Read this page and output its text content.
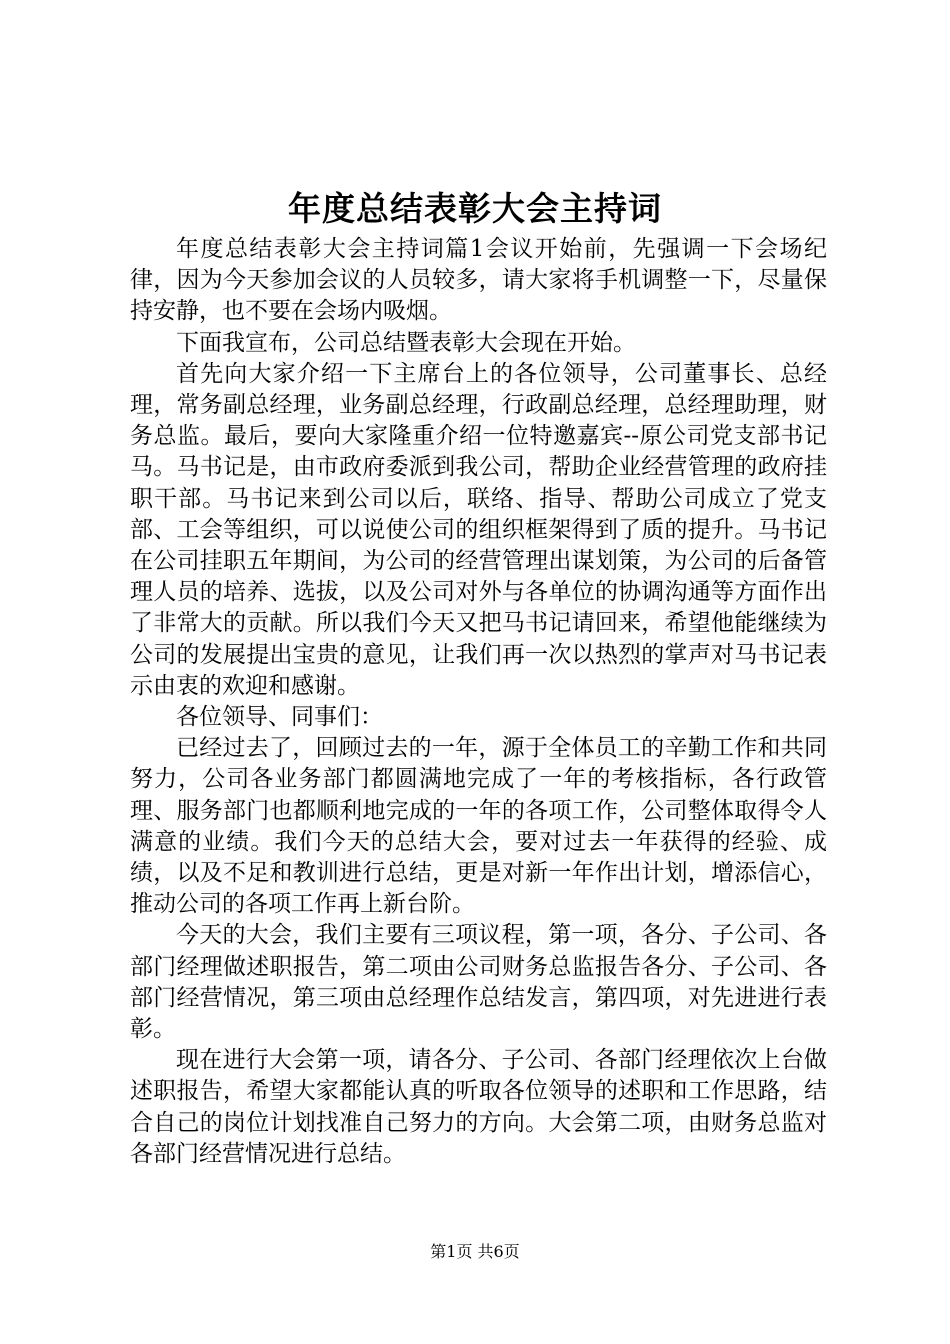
年度总结表彰大会主持词

年度总结表彰大会主持词篇1会议开始前，先强调一下会场纪律，因为今天参加会议的人员较多，请大家将手机调整一下，尽量保持安静，也不要在会场内吸烟。

下面我宣布，公司总结暨表彰大会现在开始。

首先向大家介绍一下主席台上的各位领导，公司董事长、总经理，常务副总经理，业务副总经理，行政副总经理，总经理助理，财务总监。最后，要向大家隆重介绍一位特邀嘉宾--原公司党支部书记马。马书记是，由市政府委派到我公司，帮助企业经营管理的政府挂职干部。马书记来到公司以后，联络、指导、帮助公司成立了党支部、工会等组织，可以说使公司的组织框架得到了质的提升。马书记在公司挂职五年期间，为公司的经营管理出谋划策，为公司的后备管理人员的培养、选拔，以及公司对外与各单位的协调沟通等方面作出了非常大的贡献。所以我们今天又把马书记请回来，希望他能继续为公司的发展提出宝贵的意见，让我们再一次以热烈的掌声对马书记表示由衷的欢迎和感谢。

各位领导、同事们：

已经过去了，回顾过去的一年，源于全体员工的辛勤工作和共同努力，公司各业务部门都圆满地完成了一年的考核指标，各行政管理、服务部门也都顺利地完成的一年的各项工作，公司整体取得令人满意的业绩。我们今天的总结大会，要对过去一年获得的经验、成绩，以及不足和教训进行总结，更是对新一年作出计划，增添信心，推动公司的各项工作再上新台阶。

今天的大会，我们主要有三项议程，第一项，各分、子公司、各部门经理做述职报告，第二项由公司财务总监报告各分、子公司、各部门经营情况，第三项由总经理作总结发言，第四项，对先进进行表彰。

现在进行大会第一项，请各分、子公司、各部门经理依次上台做述职报告，希望大家都能认真的听取各位领导的述职和工作思路，结合自己的岗位计划找准自己努力的方向。大会第二项，由财务总监对各部门经营情况进行总结。

第1页 共6页
